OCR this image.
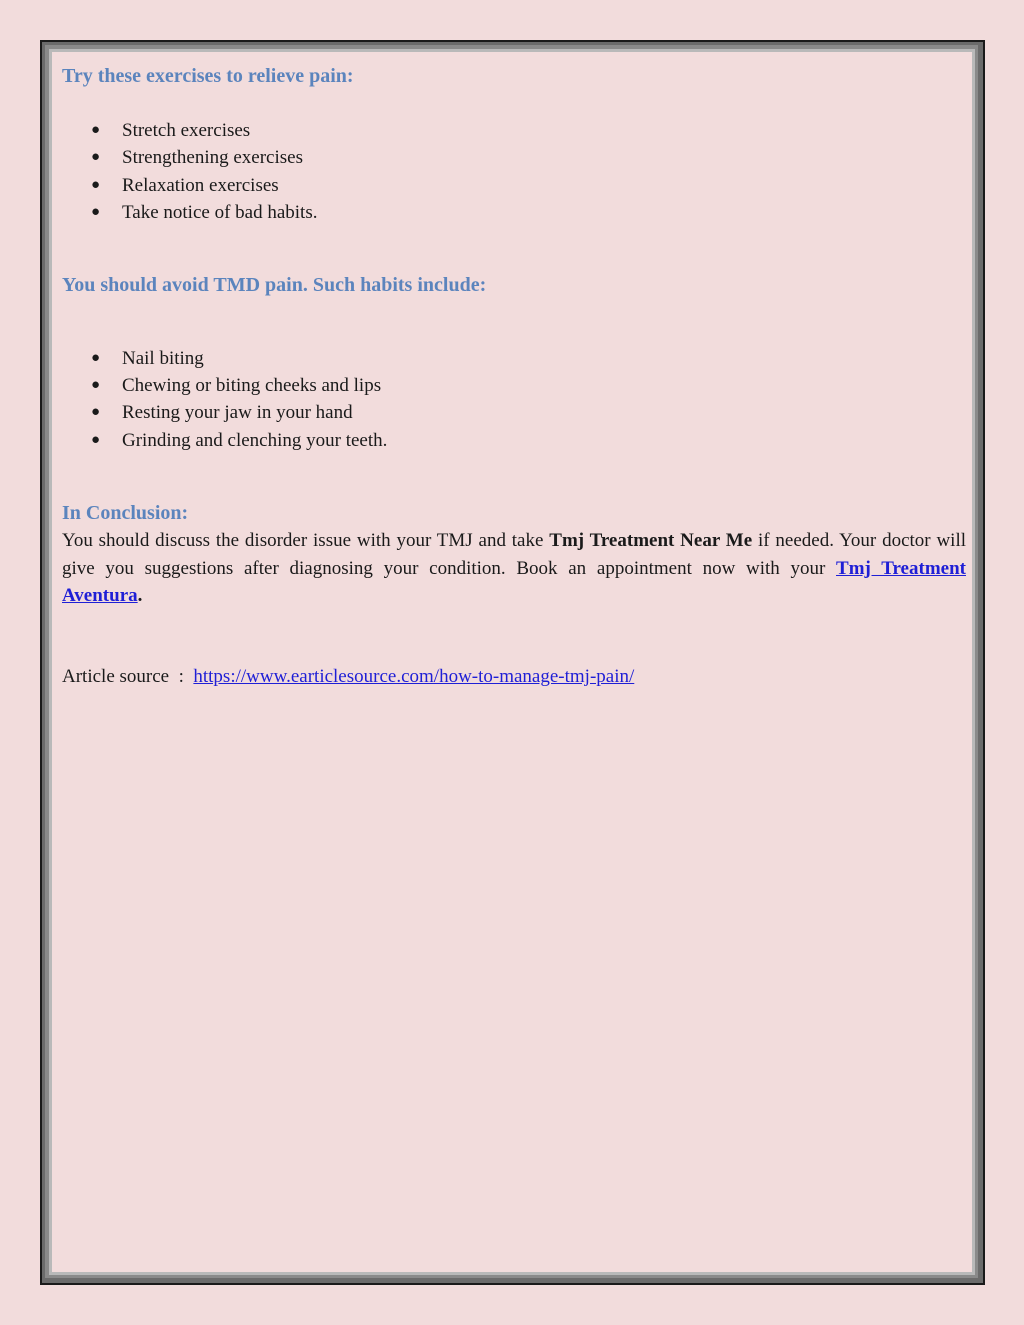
Try these exercises to relieve pain:

● Stretch exercises
● Strengthening exercises
● Relaxation exercises
● Take notice of bad habits.

You should avoid TMD pain. Such habits include:

● Nail biting
● Chewing or biting cheeks and lips
● Resting your jaw in your hand
● Grinding and clenching your teeth.

In Conclusion:

You should discuss the disorder issue with your TMJ and take Tmj Treatment Near Me if needed. Your doctor will give you suggestions after diagnosing your condition. Book an appointment now with your Tmj Treatment Aventura.

Article source  :  https://www.earticlesource.com/how-to-manage-tmj-pain/
